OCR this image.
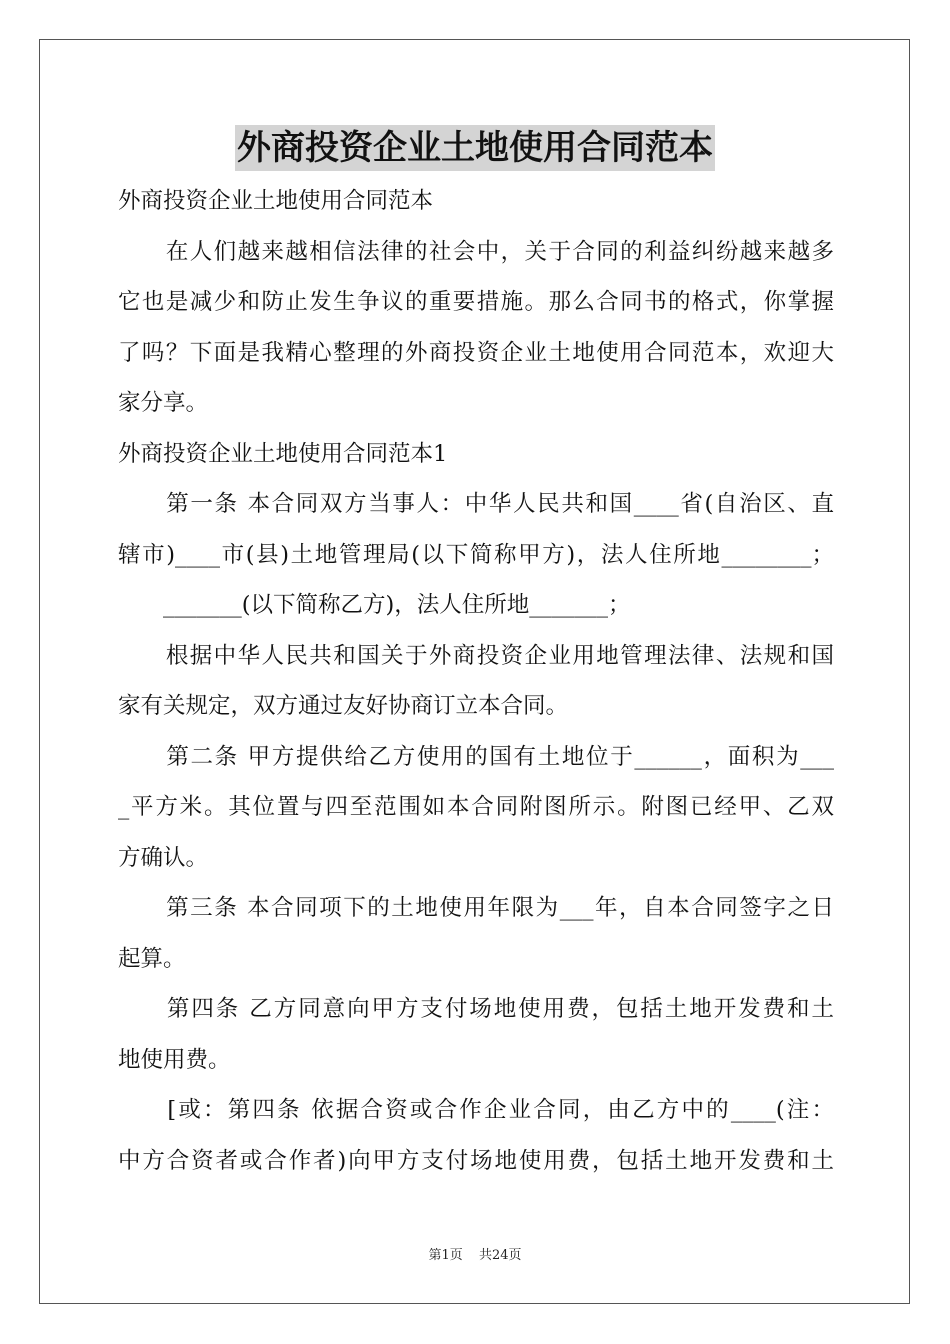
外商投资企业土地使用合同范本
外商投资企业土地使用合同范本
　　在人们越来越相信法律的社会中，关于合同的利益纠纷越来越多
它也是减少和防止发生争议的重要措施。那么合同书的格式，你掌握
了吗？下面是我精心整理的外商投资企业土地使用合同范本，欢迎大
家分享。
外商投资企业土地使用合同范本1
　　第一条 本合同双方当事人：中华人民共和国____省(自治区、直
辖市)____市(县)土地管理局(以下简称甲方)，法人住所地________；
　　_______(以下简称乙方)，法人住所地_______；
　　根据中华人民共和国关于外商投资企业用地管理法律、法规和国
家有关规定，双方通过友好协商订立本合同。
　　第二条 甲方提供给乙方使用的国有土地位于______，面积为___
_平方米。其位置与四至范围如本合同附图所示。附图已经甲、乙双
方确认。
　　第三条 本合同项下的土地使用年限为___年，自本合同签字之日
起算。
　　第四条 乙方同意向甲方支付场地使用费，包括土地开发费和土
地使用费。
　　[或：第四条 依据合资或合作企业合同，由乙方中的____(注：
中方合资者或合作者)向甲方支付场地使用费，包括土地开发费和土
第1页 共24页
